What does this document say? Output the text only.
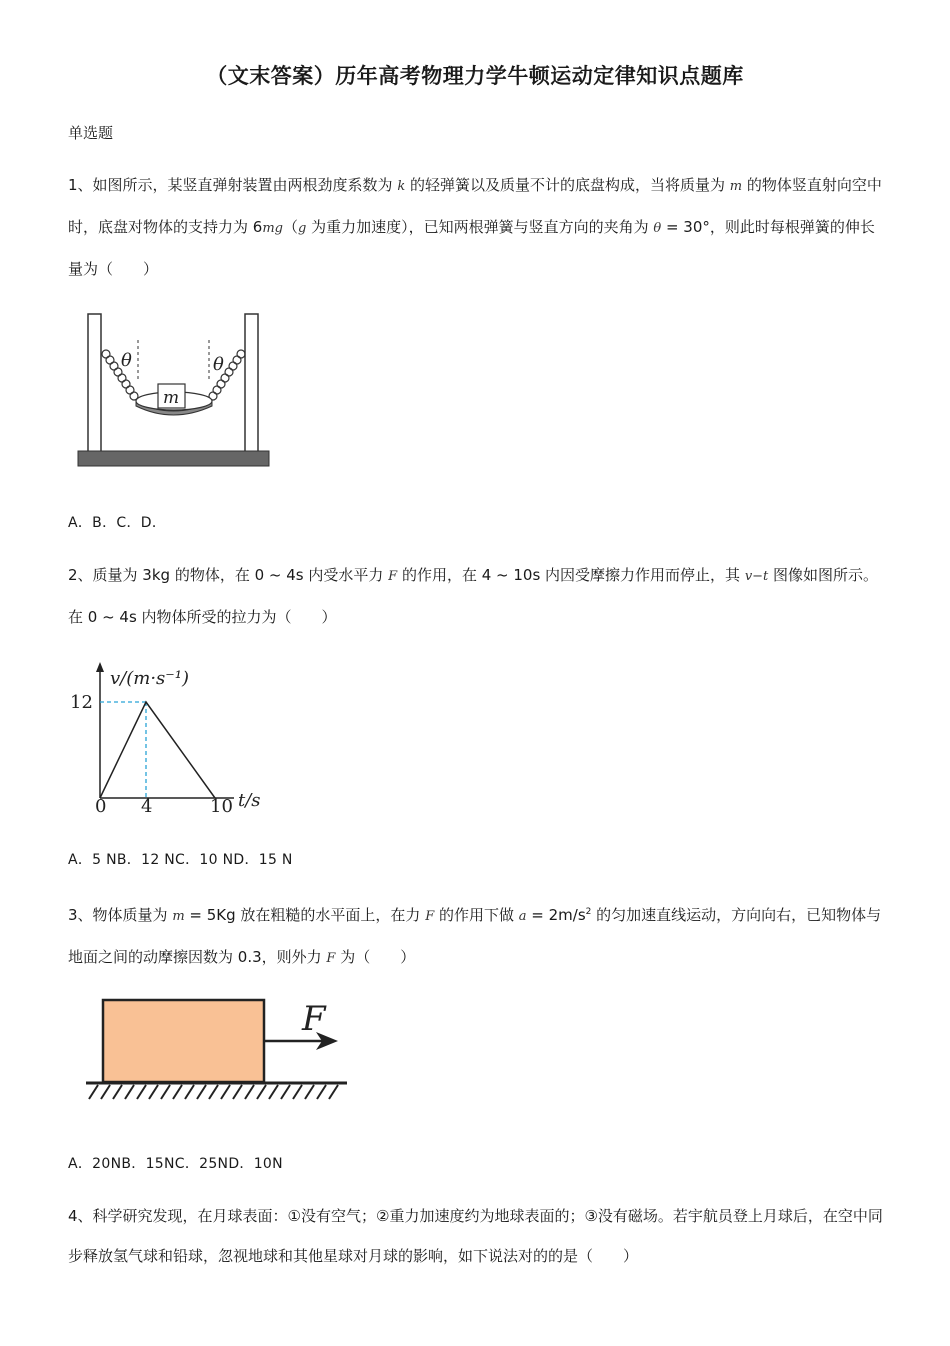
（文末答案）历年高考物理力学牛顿运动定律知识点题库
单选题
1、如图所示，某竖直弹射装置由两根劲度系数为 k 的轻弹簧以及质量不计的底盘构成，当将质量为 m 的物体竖直射向空中时，底盘对物体的支持力为 6mg（g 为重力加速度），已知两根弹簧与竖直方向的夹角为 θ = 30°，则此时每根弹簧的伸长量为（　　）
m
θ	θ
A．B．C．D．
2、质量为 3kg 的物体，在 0 ~ 4s 内受水平力 F 的作用，在 4 ~ 10s 内因受摩擦力作用而停止，其 v−t 图像如图所示。在 0 ~ 4s 内物体所受的拉力为（　　）
v/(m·s⁻¹)
t/s
0 4	10
12
A．5 NB．12 NC．10 ND．15 N
3、物体质量为 m = 5Kg 放在粗糙的水平面上，在力 F 的作用下做 $a = 2m/s^2$ 的匀加速直线运动，方向向右，已知物体与地面之间的动摩擦因数为 0.3，则外力 F 为（　　）
F
A．20NB．15NC．25ND．10N
4、科学研究发现，在月球表面：①没有空气；②重力加速度约为地球表面的；③没有磁场。若宇航员登上月球后，在空中同步释放氢气球和铅球，忽视地球和其他星球对月球的影响，如下说法对的的是（　　）
